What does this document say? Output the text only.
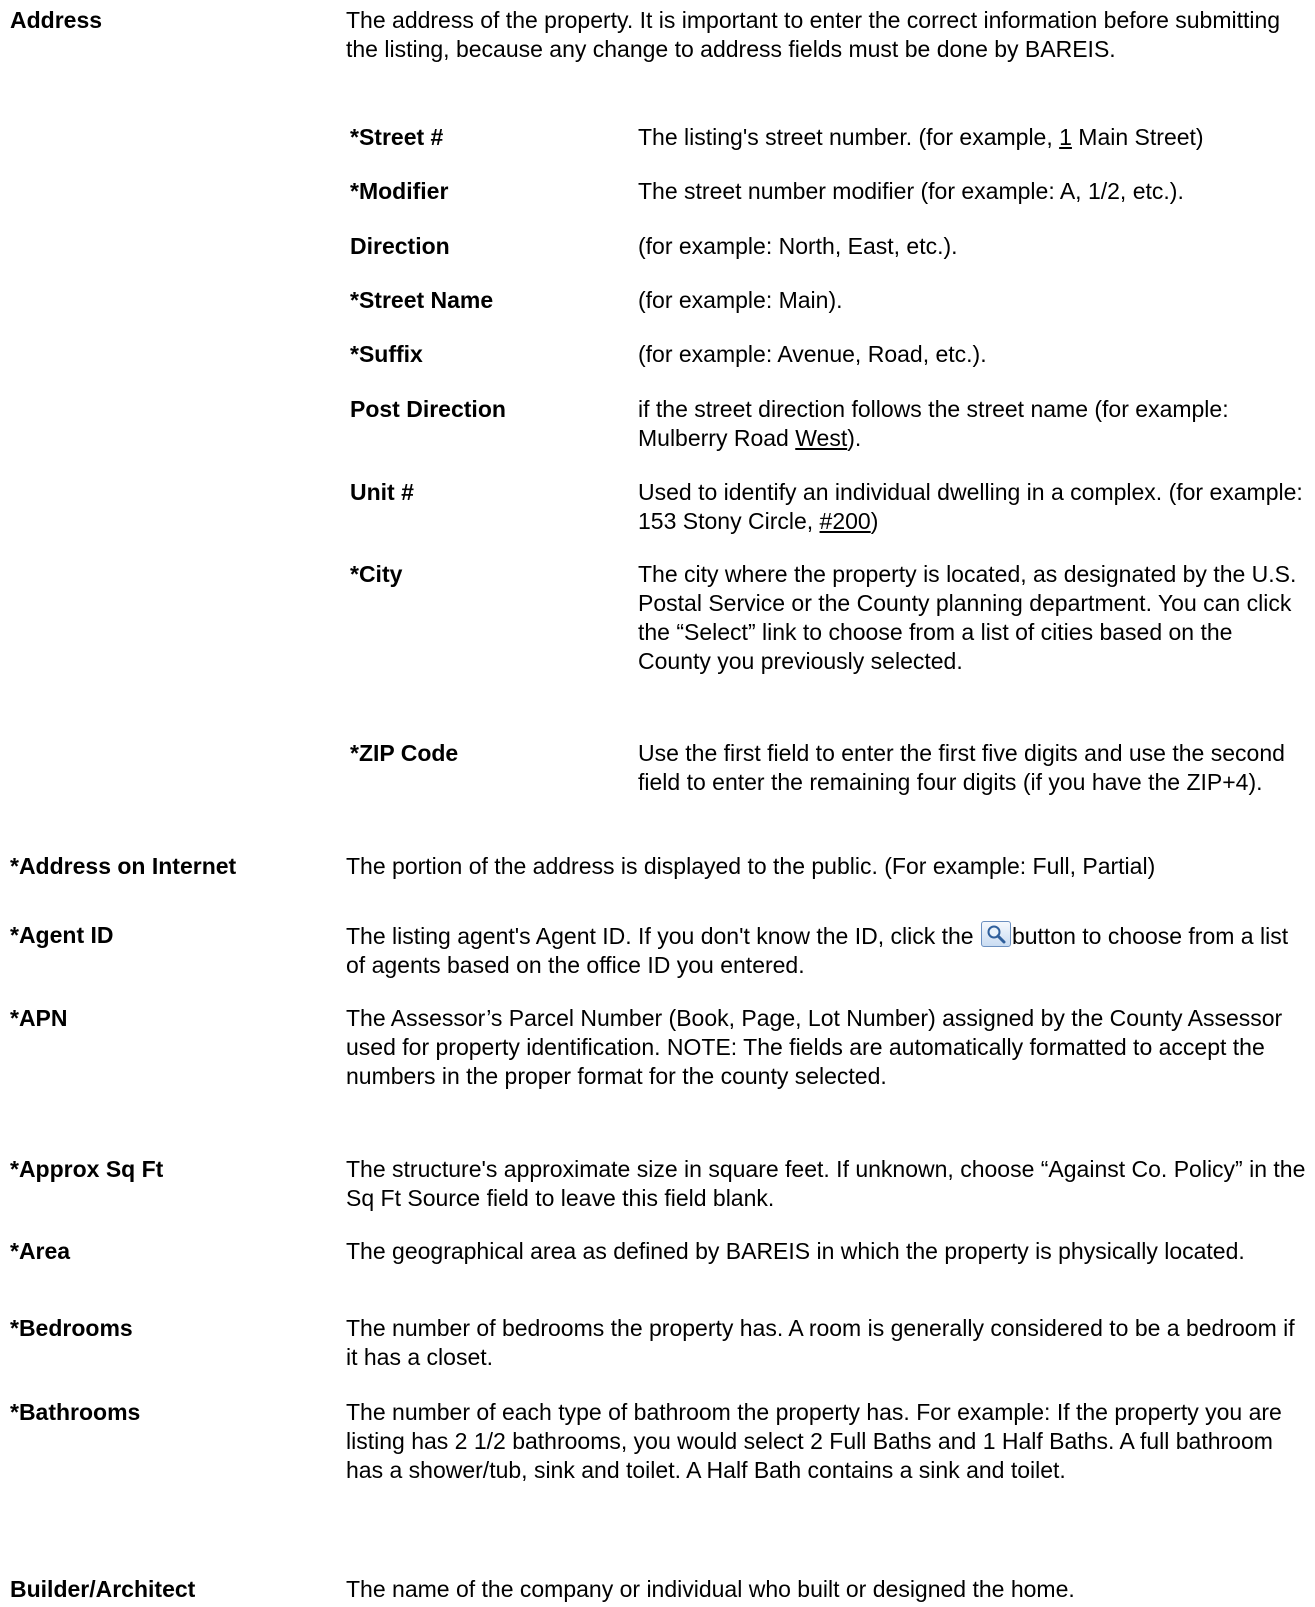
Address	The address of the property. It is important to enter the correct information before submitting the listing, because any change to address fields must be done by BAREIS.
*Street #	The listing's street number. (for example, 1 Main Street)
*Modifier	The street number modifier (for example: A, 1/2, etc.).
Direction	(for example: North, East, etc.).
*Street Name	(for example: Main).
*Suffix	(for example: Avenue, Road, etc.).
Post Direction	if the street direction follows the street name (for example: Mulberry Road West).
Unit #	Used to identify an individual dwelling in a complex. (for example: 153 Stony Circle, #200)
*City	The city where the property is located, as designated by the U.S. Postal Service or the County planning department. You can click the “Select” link to choose from a list of cities based on the County you previously selected.
*ZIP Code	Use the first field to enter the first five digits and use the second field to enter the remaining four digits (if you have the ZIP+4).
*Address on Internet	The portion of the address is displayed to the public. (For example: Full, Partial)
*Agent ID	The listing agent's Agent ID. If you don't know the ID, click the
button to choose from a list of agents based on the office ID you entered.
*APN	The Assessor’s Parcel Number (Book, Page, Lot Number) assigned by the County Assessor used for property identification. NOTE: The fields are automatically formatted to accept the numbers in the proper format for the county selected.
*Approx Sq Ft	The structure's approximate size in square feet. If unknown, choose “Against Co. Policy” in the Sq Ft Source field to leave this field blank.
*Area	The geographical area as defined by BAREIS in which the property is physically located.
*Bedrooms	The number of bedrooms the property has. A room is generally considered to be a bedroom if it has a closet.
*Bathrooms	The number of each type of bathroom the property has. For example: If the property you are listing has 2 1/2 bathrooms, you would select 2 Full Baths and 1 Half Baths. A full bathroom has a shower/tub, sink and toilet. A Half Bath contains a sink and toilet.
Builder/Architect	The name of the company or individual who built or designed the home.
